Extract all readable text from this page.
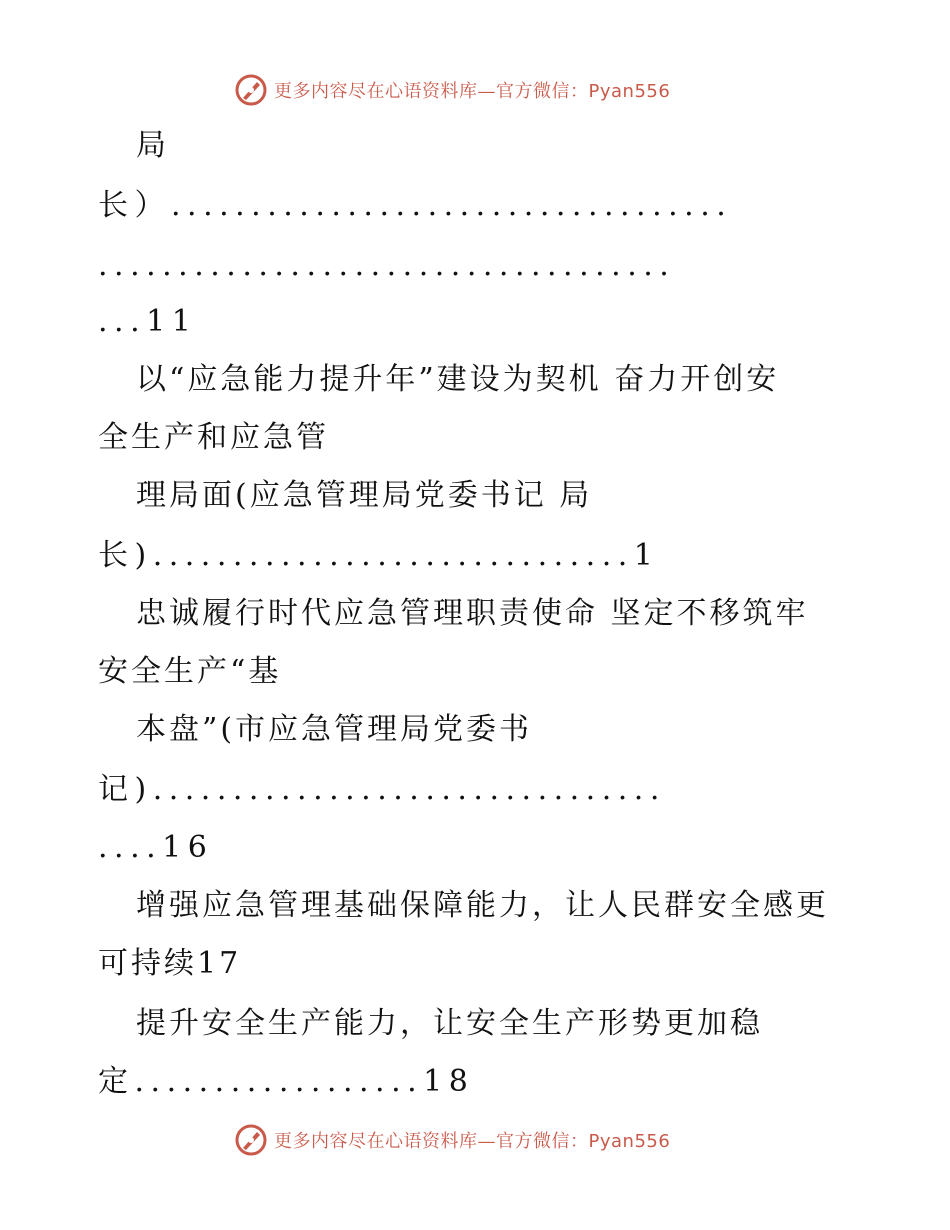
更多内容尽在心语资料库—官方微信：Pyan556
局
长）...................................
....................................
...11
以“应急能力提升年”建设为契机 奋力开创安
全生产和应急管
理局面(应急管理局党委书记 局
长)..............................1
忠诚履行时代应急管理职责使命 坚定不移筑牢
安全生产“基
本盘”(市应急管理局党委书
记)................................
....16
增强应急管理基础保障能力，让人民群安全感更
可持续17
提升安全生产能力，让安全生产形势更加稳
定..................18
更多内容尽在心语资料库—官方微信：Pyan556
